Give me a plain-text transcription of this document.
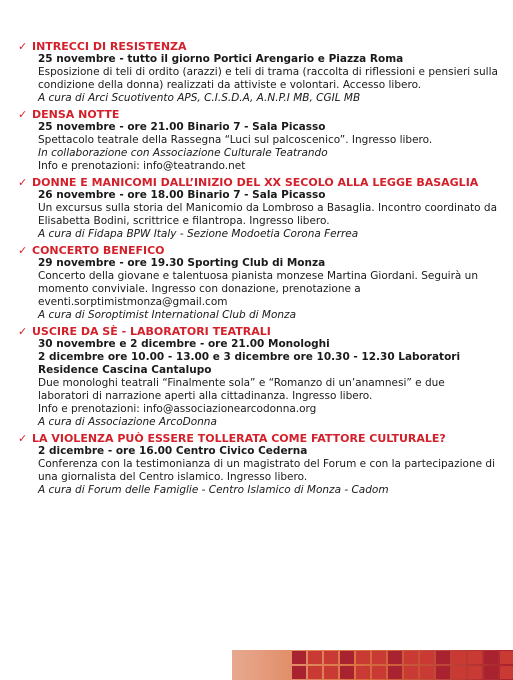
✓ INTRECCI DI RESISTENZA
25 novembre - tutto il giorno Portici Arengario e Piazza Roma
Esposizione di teli di ordito (arazzi) e teli di trama (raccolta di riflessioni e pensieri sulla condizione della donna) realizzati da attiviste e volontari. Accesso libero.
A cura di Arci Scuotivento APS, C.I.S.D.A, A.N.P.I MB, CGIL MB
✓ DENSA NOTTE
25 novembre - ore 21.00 Binario 7 - Sala Picasso
Spettacolo teatrale della Rassegna “Luci sul palcoscenico”. Ingresso libero.
In collaborazione con Associazione Culturale Teatrando
Info e prenotazioni: info@teatrando.net
✓ DONNE E MANICOMI DALL’INIZIO DEL XX SECOLO ALLA LEGGE BASAGLIA
26 novembre - ore 18.00 Binario 7 - Sala Picasso
Un excursus sulla storia del Manicomio da Lombroso a Basaglia. Incontro coordinato da Elisabetta Bodini, scrittrice e filantropa. Ingresso libero.
A cura di Fidapa BPW Italy - Sezione Modoetia Corona Ferrea
✓ CONCERTO BENEFICO
29 novembre - ore 19.30 Sporting Club di Monza
Concerto della giovane e talentuosa pianista monzese Martina Giordani. Seguirà un momento conviviale. Ingresso con donazione, prenotazione a eventi.sorptimistmonza@gmail.com
A cura di Soroptimist International Club di Monza
✓ USCIRE DA SÈ - LABORATORI TEATRALI
30 novembre e 2 dicembre - ore 21.00 Monologhi
2 dicembre ore 10.00 - 13.00 e 3 dicembre ore 10.30 - 12.30 Laboratori Residence Cascina Cantalupo
Due monologhi teatrali “Finalmente sola” e “Romanzo di un’anamnesi” e due laboratori di narrazione aperti alla cittadinanza. Ingresso libero.
Info e prenotazioni: info@associazionearcodonna.org
A cura di Associazione ArcoDonna
✓ LA VIOLENZA PUÒ ESSERE TOLLERATA COME FATTORE CULTURALE?
2 dicembre - ore 16.00 Centro Civico Cederna
Conferenza con la testimonianza di un magistrato del Forum e con la partecipazione di una giornalista del Centro islamico. Ingresso libero.
A cura di Forum delle Famiglie - Centro Islamico di Monza - Cadom
